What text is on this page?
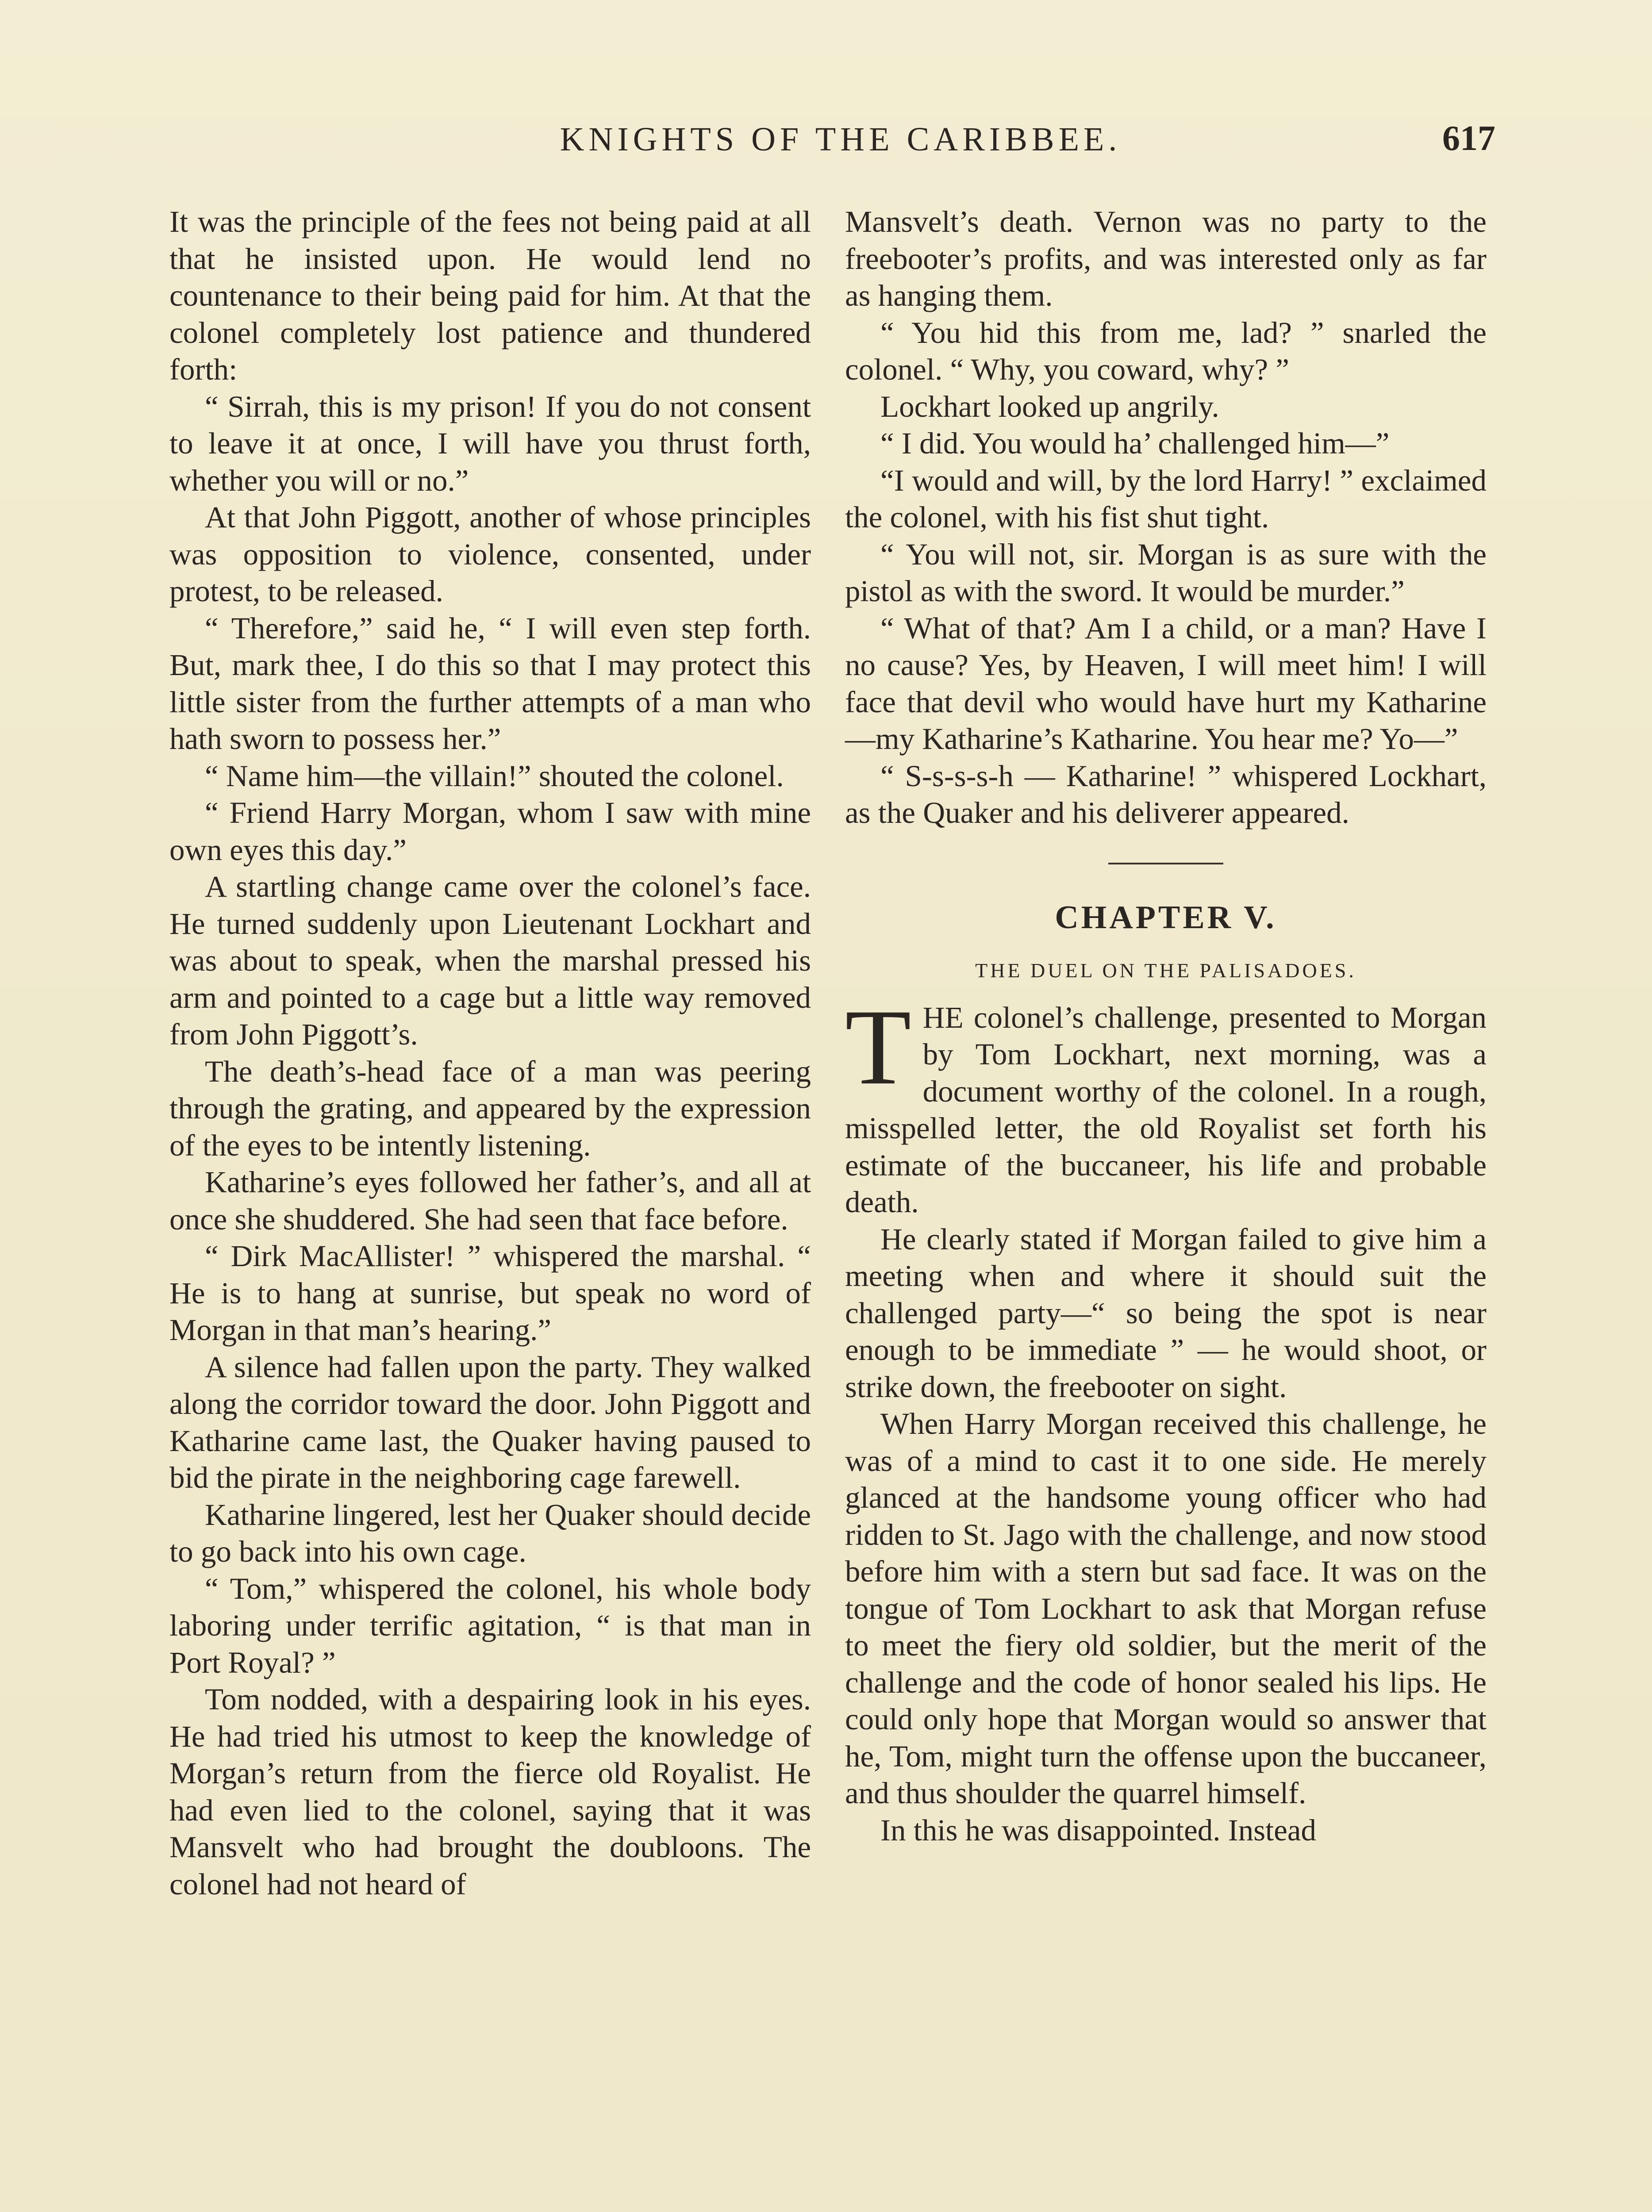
KNIGHTS OF THE CARIBBEE.	617

It was the principle of the fees not being paid at all that he insisted upon. He would lend no countenance to their being paid for him. At that the colonel completely lost patience and thundered forth:

“ Sirrah, this is my prison! If you do not consent to leave it at once, I will have you thrust forth, whether you will or no.”

At that John Piggott, another of whose principles was opposition to violence, consented, under protest, to be released.

“ Therefore,” said he, “ I will even step forth. But, mark thee, I do this so that I may protect this little sister from the further attempts of a man who hath sworn to possess her.”

“ Name him—the villain!” shouted the colonel.

“ Friend Harry Morgan, whom I saw with mine own eyes this day.”

A startling change came over the colonel’s face. He turned suddenly upon Lieutenant Lockhart and was about to speak, when the marshal pressed his arm and pointed to a cage but a little way removed from John Piggott’s.

The death’s-head face of a man was peering through the grating, and appeared by the expression of the eyes to be intently listening.

Katharine’s eyes followed her father’s, and all at once she shuddered. She had seen that face before.

“ Dirk MacAllister! ” whispered the marshal. “ He is to hang at sunrise, but speak no word of Morgan in that man’s hearing.”

A silence had fallen upon the party. They walked along the corridor toward the door. John Piggott and Katharine came last, the Quaker having paused to bid the pirate in the neighboring cage farewell.

Katharine lingered, lest her Quaker should decide to go back into his own cage.

“ Tom,” whispered the colonel, his whole body laboring under terrific agitation, “ is that man in Port Royal? ”

Tom nodded, with a despairing look in his eyes. He had tried his utmost to keep the knowledge of Morgan’s return from the fierce old Royalist. He had even lied to the colonel, saying that it was Mansvelt who had brought the doubloons. The colonel had not heard of

Mansvelt’s death. Vernon was no party to the freebooter’s profits, and was interested only as far as hanging them.

“ You hid this from me, lad? ” snarled the colonel. “ Why, you coward, why? ”

Lockhart looked up angrily.

“ I did. You would ha’ challenged him—”

“I would and will, by the lord Harry! ” exclaimed the colonel, with his fist shut tight.

“ You will not, sir. Morgan is as sure with the pistol as with the sword. It would be murder.”

“ What of that? Am I a child, or a man? Have I no cause? Yes, by Heaven, I will meet him! I will face that devil who would have hurt my Katharine—my Katharine’s Katharine. You hear me? Yo—”

“ S-s-s-s-h — Katharine! ” whispered Lockhart, as the Quaker and his deliverer appeared.

CHAPTER V.
THE DUEL ON THE PALISADOES.

THE colonel’s challenge, presented to Morgan by Tom Lockhart, next morning, was a document worthy of the colonel. In a rough, misspelled letter, the old Royalist set forth his estimate of the buccaneer, his life and probable death.

He clearly stated if Morgan failed to give him a meeting when and where it should suit the challenged party—“ so being the spot is near enough to be immediate ” — he would shoot, or strike down, the freebooter on sight.

When Harry Morgan received this challenge, he was of a mind to cast it to one side. He merely glanced at the handsome young officer who had ridden to St. Jago with the challenge, and now stood before him with a stern but sad face. It was on the tongue of Tom Lockhart to ask that Morgan refuse to meet the fiery old soldier, but the merit of the challenge and the code of honor sealed his lips. He could only hope that Morgan would so answer that he, Tom, might turn the offense upon the buccaneer, and thus shoulder the quarrel himself.

In this he was disappointed. Instead
